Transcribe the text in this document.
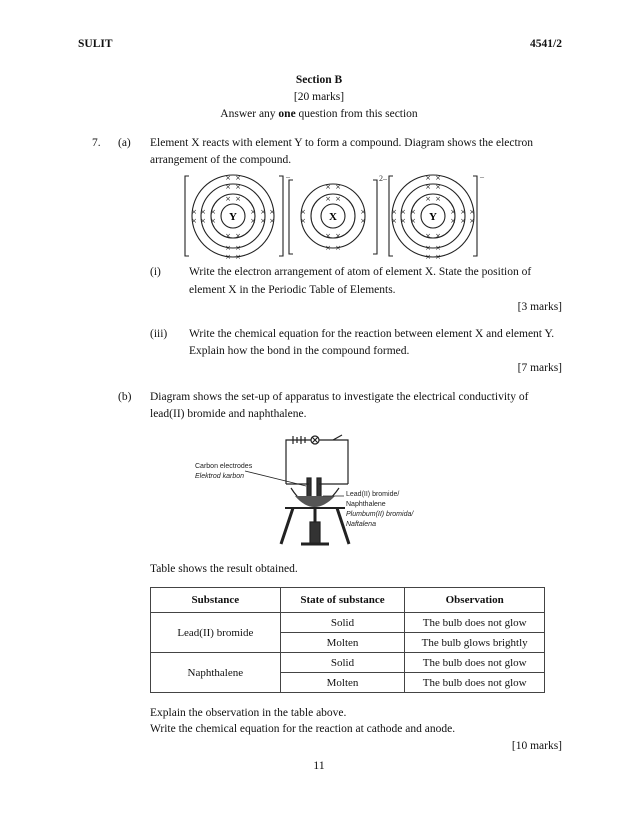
SULIT	4541/2
Section B
[20 marks]
Answer any one question from this section
7. (a) Element X reacts with element Y to form a compound. Diagram shows the electron
arrangement of the compound.
Y	X	Y
–	2–	–
× ×
× ×
× ×
× ×
×
×
×
×
× ×
× ×
×
×
×
×
×
×
×
×
× ×
× ×
× ×
× ×
×
×
×
×
× ×
× ×
× ×
× ×
×
×
×
×
× ×
× ×
×
×
×
×
×
×
×
×
(i) Write the electron arrangement of atom of element X. State the position of
element X in the Periodic Table of Elements.
[3 marks]
(iii) Write the chemical equation for the reaction between element X and element Y.
Explain how the bond in the compound formed.
[7 marks]
(b) Diagram shows the set-up of apparatus to investigate the electrical conductivity of
lead(II) bromide and naphthalene.
Carbon electrodes
Elektrod karbon
Lead(II) bromide/
Naphthalene
Plumbum(II) bromida/
Naftalena
Table shows the result obtained.
Substance	State of substance	Observation
Lead(II) bromide	Solid	The bulb does not glow
	Molten	The bulb glows brightly
Naphthalene	Solid	The bulb does not glow
	Molten	The bulb does not glow
Explain the observation in the table above.
Write the chemical equation for the reaction at cathode and anode.
[10 marks]
11
